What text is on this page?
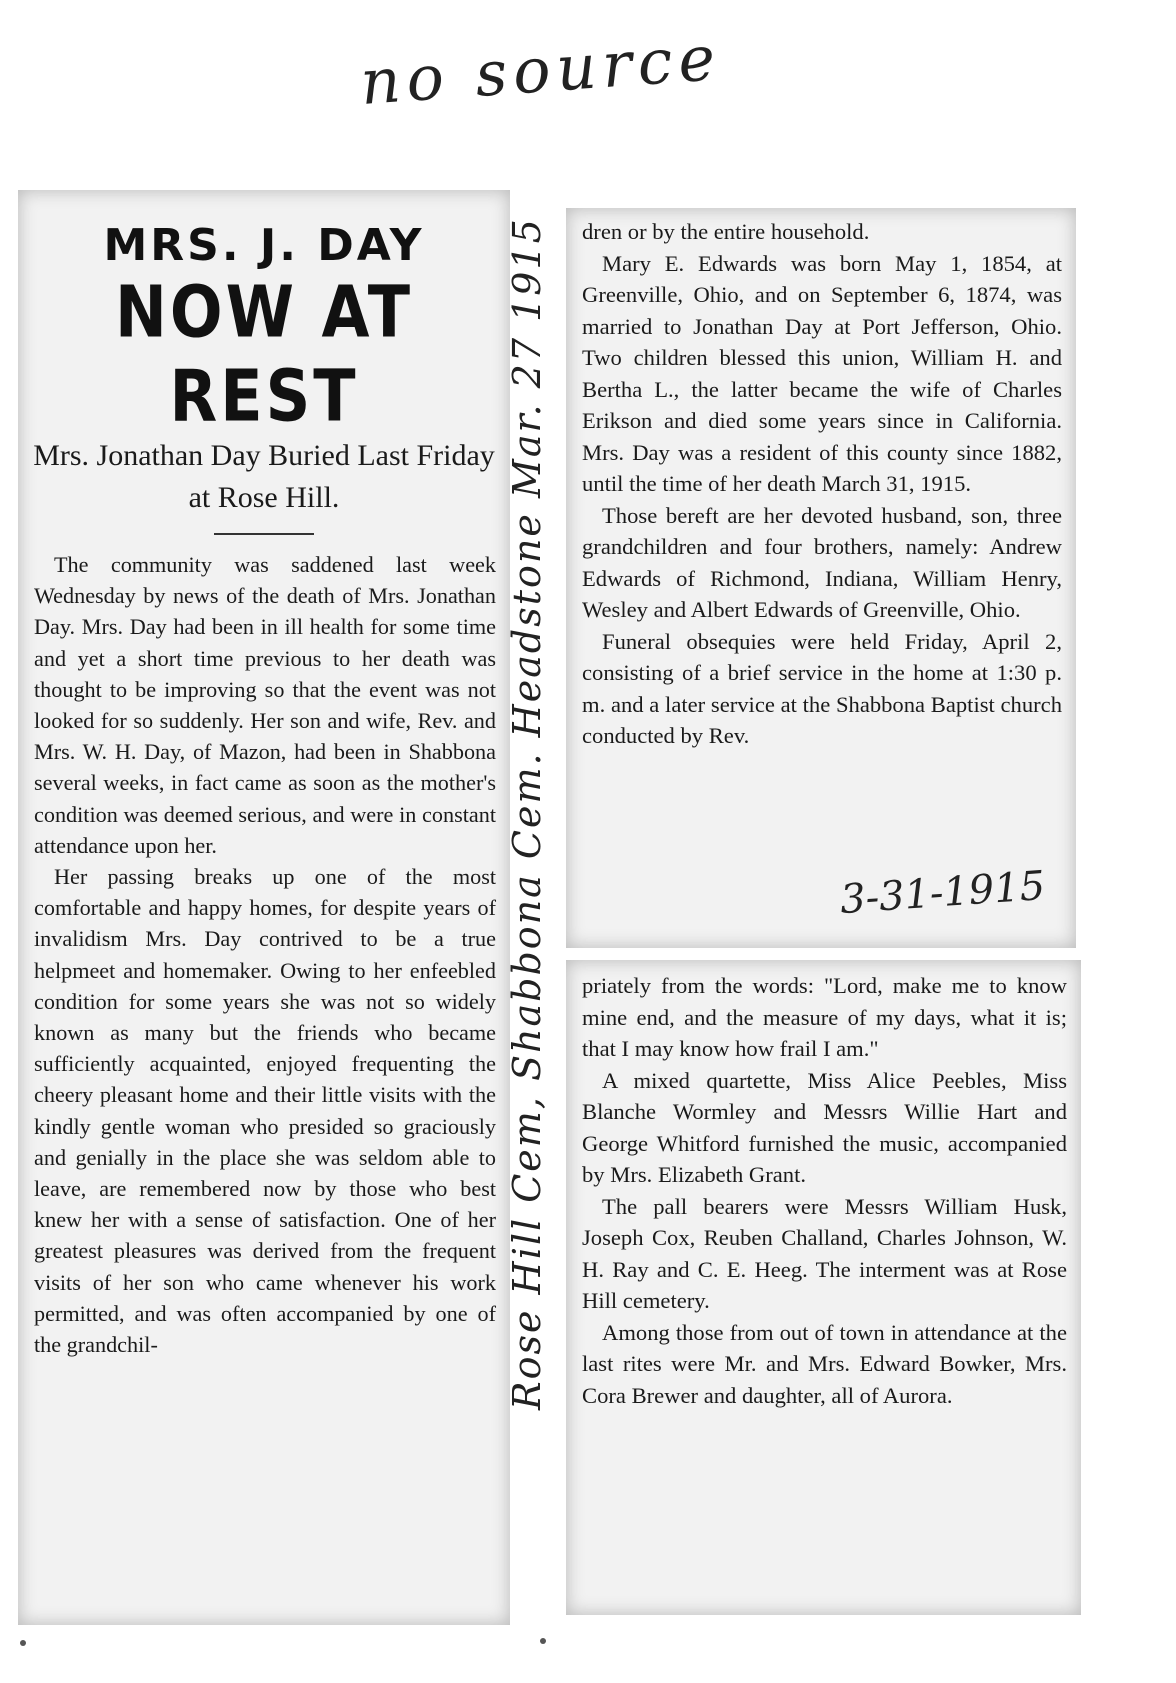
no source
MRS. J. DAY
NOW AT REST
Mrs. Jonathan Day Buried Last Friday at Rose Hill.

The community was saddened last week Wednesday by news of the death of Mrs. Jonathan Day. Mrs. Day had been in ill health for some time and yet a short time previous to her death was thought to be improving so that the event was not looked for so suddenly. Her son and wife, Rev. and Mrs. W. H. Day, of Mazon, had been in Shabbona several weeks, in fact came as soon as the mother's condition was deemed serious, and were in constant attendance upon her.

Her passing breaks up one of the most comfortable and happy homes, for despite years of invalidism Mrs. Day contrived to be a true helpmeet and homemaker. Owing to her enfeebled condition for some years she was not so widely known as many but the friends who became sufficiently acquainted, enjoyed frequenting the cheery pleasant home and their little visits with the kindly gentle woman who presided so graciously and genially in the place she was seldom able to leave, are remembered now by those who best knew her with a sense of satisfaction. One of her greatest pleasures was derived from the frequent visits of her son who came whenever his work permitted, and was often accompanied by one of the grandchil-	Rose Hill Cem, Shabbona Cem. Headstone Mar. 27 1915 dren or by the entire household.

Mary E. Edwards was born May 1, 1854, at Greenville, Ohio, and on September 6, 1874, was married to Jonathan Day at Port Jefferson, Ohio. Two children blessed this union, William H. and Bertha L., the latter became the wife of Charles Erikson and died some years since in California. Mrs. Day was a resident of this county since 1882, until the time of her death March 31, 1915.

Those bereft are her devoted husband, son, three grandchildren and four brothers, namely: Andrew Edwards of Richmond, Indiana, William Henry, Wesley and Albert Edwards of Greenville, Ohio.

Funeral obsequies were held Friday, April 2, consisting of a brief service in the home at 1:30 p. m. and a later service at the Shabbona Baptist church conducted by Rev.

3-31-1915

priately from the words: "Lord, make me to know mine end, and the measure of my days, what it is; that I may know how frail I am."

A mixed quartette, Miss Alice Peebles, Miss Blanche Wormley and Messrs Willie Hart and George Whitford furnished the music, accompanied by Mrs. Elizabeth Grant.

The pall bearers were Messrs William Husk, Joseph Cox, Reuben Challand, Charles Johnson, W. H. Ray and C. E. Heeg. The interment was at Rose Hill cemetery.

Among those from out of town in attendance at the last rites were Mr. and Mrs. Edward Bowker, Mrs. Cora Brewer and daughter, all of Aurora.
